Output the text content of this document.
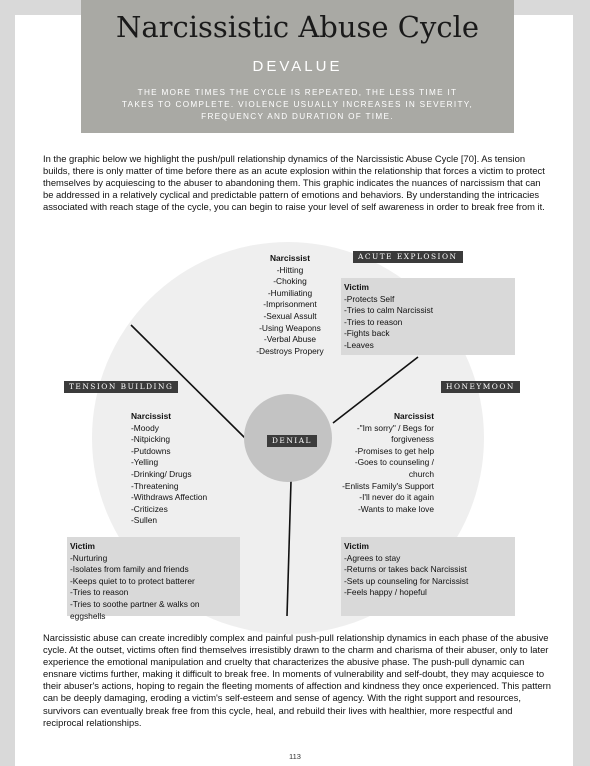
Narcissistic Abuse Cycle
DEVALUE
THE MORE TIMES THE CYCLE IS REPEATED, THE LESS TIME IT TAKES TO COMPLETE. VIOLENCE USUALLY INCREASES IN SEVERITY, FREQUENCY AND DURATION OF TIME.
In the graphic below we highlight the push/pull relationship dynamics of the Narcissistic Abuse Cycle [70]. As tension builds, there is only matter of time before there as an acute explosion within the relationship that forces a victim to protect themselves by acquiescing to the abuser to abandoning them. This graphic indicates the nuances of narcissism that can be addressed in a relatively cyclical and predictable pattern of emotions and behaviors. By understanding the intricacies associated with reach stage of the cycle, you can begin to raise your level of self awareness in order to break free from it.
DENIAL
ACUTE EXPLOSION
TENSION BUILDING	HONEYMOON
Narcissist
-Hitting
-Choking
-Humiliating
-Imprisonment
-Sexual Assult
-Using Weapons
-Verbal Abuse
-Destroys Propery
Victim
-Protects Self
-Tries to calm Narcissist
-Tries to reason
-Fights back
-Leaves
Narcissist
-Moody
-Nitpicking
-Putdowns
-Yelling
-Drinking/ Drugs
-Threatening
-Withdraws Affection
-Criticizes
-Sullen
Victim
-Nurturing
-Isolates from family and friends
-Keeps quiet to to protect batterer
-Tries to reason
-Tries to soothe partner & walks on eggshells
Narcissist
-"Im sorry" / Begs for forgiveness
-Promises to get help
-Goes to counseling / church
-Enlists Family's Support
-I'll never do it again
-Wants to make love
Victim
-Agrees to stay
-Returns or takes back Narcissist
-Sets up counseling for Narcissist
-Feels happy / hopeful
Narcissistic abuse can create incredibly complex and painful push-pull relationship dynamics in each phase of the abusive cycle. At the outset, victims often find themselves irresistibly drawn to the charm and charisma of their abuser, only to later experience the emotional manipulation and cruelty that characterizes the abusive phase. The push-pull dynamic can ensnare victims further, making it difficult to break free. In moments of vulnerability and self-doubt, they may acquiesce to their abuser's actions, hoping to regain the fleeting moments of affection and kindness they once experienced. This pattern can be deeply damaging, eroding a victim's self-esteem and sense of agency. With the right support and resources, survivors can eventually break free from this cycle, heal, and rebuild their lives with healthier, more respectful and reciprocal relationships.
113
